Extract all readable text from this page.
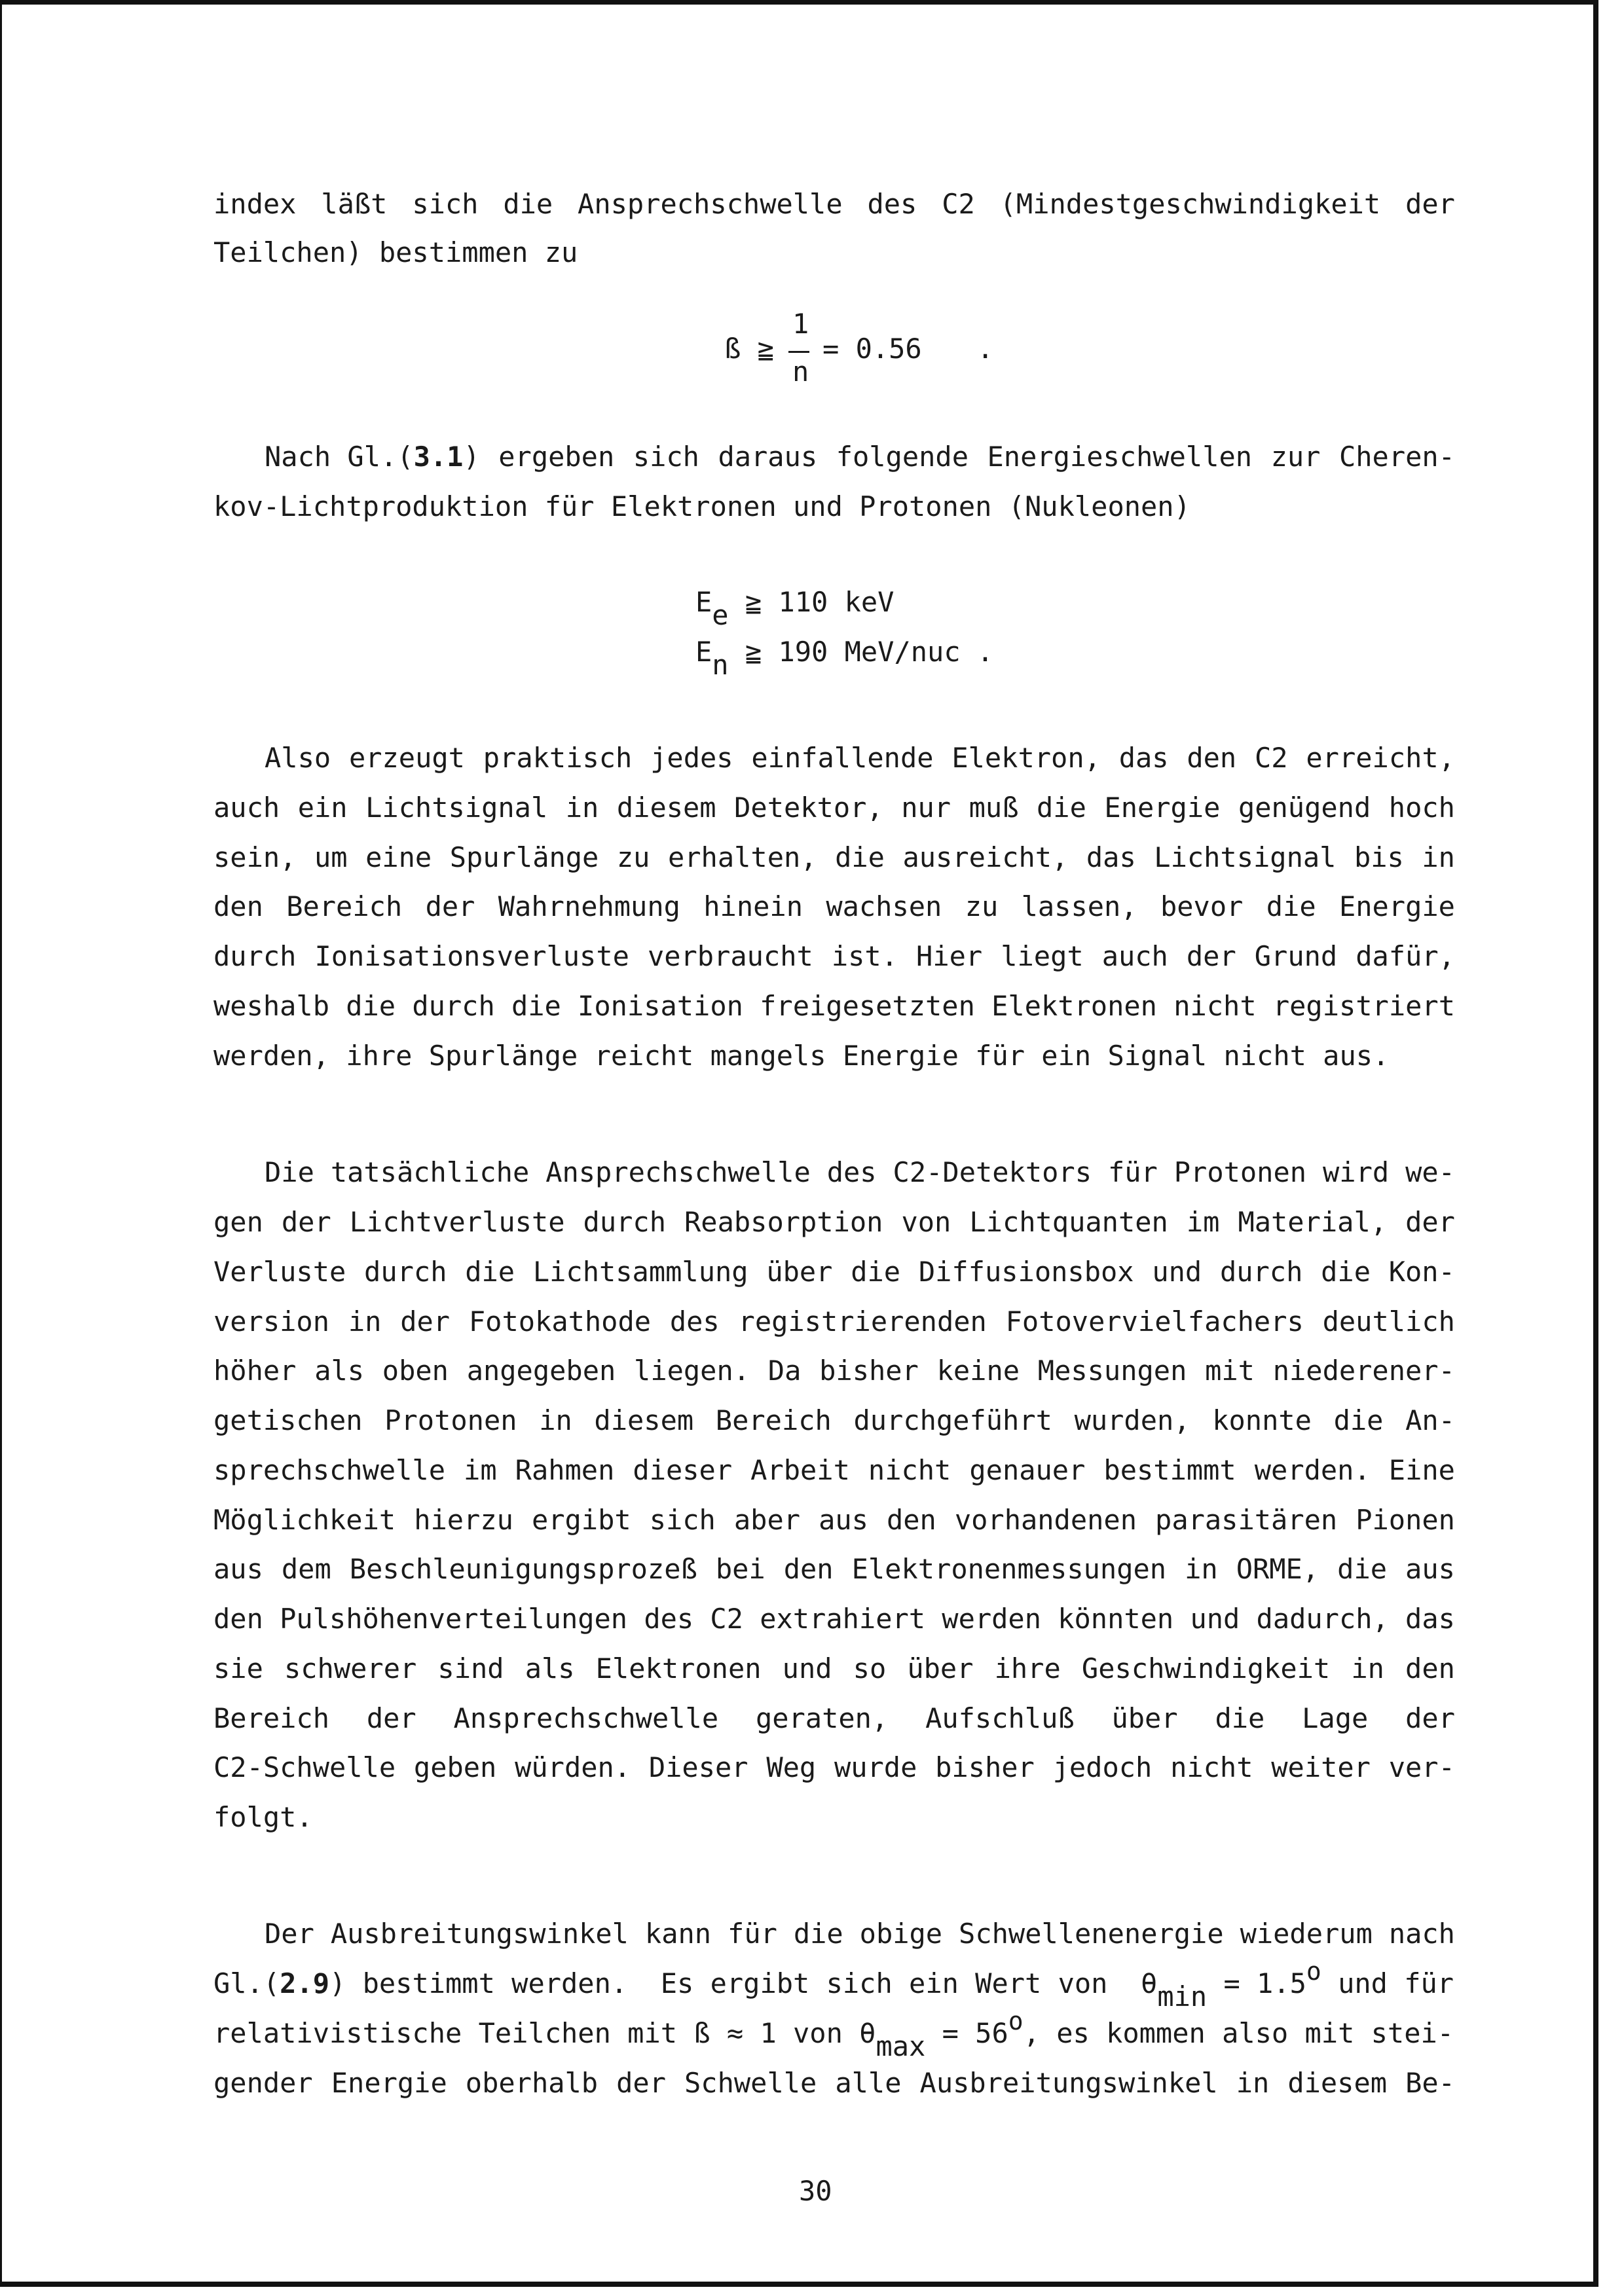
index läßt sich die Ansprechschwelle des C2 (Mindestgeschwindigkeit der
Teilchen) bestimmen zu
ß ≧
1
n
= 0.56 .
Nach Gl.(3.1) ergeben sich daraus folgende Energieschwellen zur Cheren-
kov-Lichtproduktion für Elektronen und Protonen (Nukleonen)
Ee ≧ 110 keV
En ≧ 190 MeV/nuc .
Also erzeugt praktisch jedes einfallende Elektron, das den C2 erreicht,
auch ein Lichtsignal in diesem Detektor, nur muß die Energie genügend hoch
sein, um eine Spurlänge zu erhalten, die ausreicht, das Lichtsignal bis in
den Bereich der Wahrnehmung hinein wachsen zu lassen, bevor die Energie
durch Ionisationsverluste verbraucht ist. Hier liegt auch der Grund dafür,
weshalb die durch die Ionisation freigesetzten Elektronen nicht registriert
werden, ihre Spurlänge reicht mangels Energie für ein Signal nicht aus.
Die tatsächliche Ansprechschwelle des C2-Detektors für Protonen wird we-
gen der Lichtverluste durch Reabsorption von Lichtquanten im Material, der
Verluste durch die Lichtsammlung über die Diffusionsbox und durch die Kon-
version in der Fotokathode des registrierenden Fotovervielfachers deutlich
höher als oben angegeben liegen. Da bisher keine Messungen mit niederener-
getischen Protonen in diesem Bereich durchgeführt wurden, konnte die An-
sprechschwelle im Rahmen dieser Arbeit nicht genauer bestimmt werden. Eine
Möglichkeit hierzu ergibt sich aber aus den vorhandenen parasitären Pionen
aus dem Beschleunigungsprozeß bei den Elektronenmessungen in ORME, die aus
den Pulshöhenverteilungen des C2 extrahiert werden könnten und dadurch, das
sie schwerer sind als Elektronen und so über ihre Geschwindigkeit in den
Bereich der Ansprechschwelle geraten, Aufschluß über die Lage der
C2-Schwelle geben würden. Dieser Weg wurde bisher jedoch nicht weiter ver-
folgt.
Der Ausbreitungswinkel kann für die obige Schwellenenergie wiederum nach
Gl.(2.9) bestimmt werden.  Es ergibt sich ein Wert von  θmin = 1.5o und für
relativistische Teilchen mit ß ≈ 1 von θmax = 56o, es kommen also mit stei-
gender Energie oberhalb der Schwelle alle Ausbreitungswinkel in diesem Be-
30
